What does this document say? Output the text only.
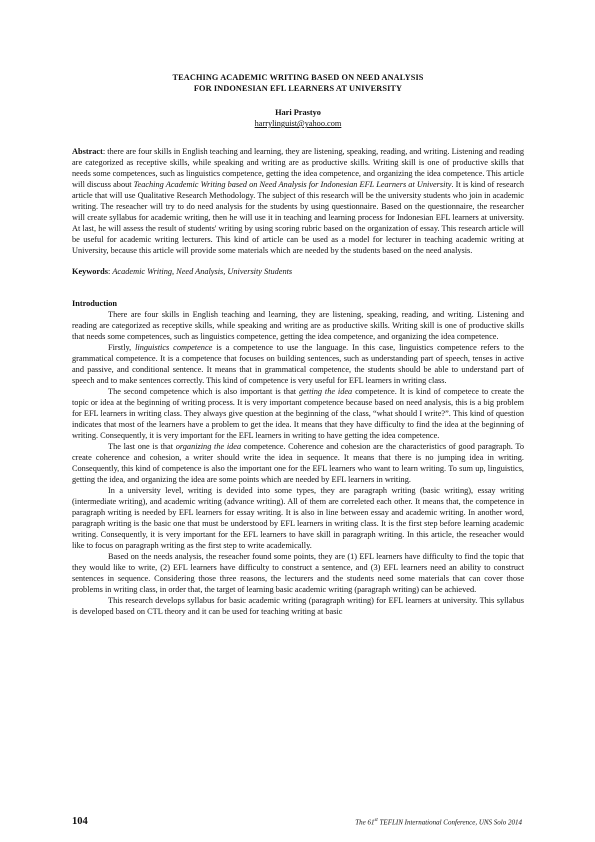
TEACHING ACADEMIC WRITING BASED ON NEED ANALYSIS
FOR INDONESIAN EFL LEARNERS AT UNIVERSITY
Hari Prastyo
harrylinguist@yahoo.com

Abstract: there are four skills in English teaching and learning, they are listening, speaking, reading, and writing. Listening and reading are categorized as receptive skills, while speaking and writing are as productive skills. Writing skill is one of productive skills that needs some competences, such as linguistics competence, getting the idea competence, and organizing the idea competence. This article will discuss about Teaching Academic Writing based on Need Analysis for Indonesian EFL Learners at University. It is kind of research article that will use Qualitative Research Methodology. The subject of this research will be the university students who join in academic writing. The reseacher will try to do need analysis for the students by using questionnaire. Based on the questionnaire, the researcher will create syllabus for academic writing, then he will use it in teaching and learning process for Indonesian EFL learners at university. At last, he will assess the result of students' writing by using scoring rubric based on the organization of essay. This research article will be useful for academic writing lecturers. This kind of article can be used as a model for lecturer in teaching academic writing at University, because this article will provide some materials which are needed by the students based on the need analysis.

Keywords: Academic Writing, Need Analysis, University Students

Introduction

There are four skills in English teaching and learning, they are listening, speaking, reading, and writing. Listening and reading are categorized as receptive skills, while speaking and writing are as productive skills. Writing skill is one of productive skills that needs some competences, such as linguistics competence, getting the idea competence, and organizing the idea competence.

Firstly, linguistics competence is a competence to use the language. In this case, linguistics competence refers to the grammatical competence. It is a competence that focuses on building sentences, such as understanding part of speech, tenses in active and passive, and conditional sentence. It means that in grammatical competence, the students should be able to understand part of speech and to make sentences correctly. This kind of competence is very useful for EFL learners in writing class.

The second competence which is also important is that getting the idea competence. It is kind of competece to create the topic or idea at the beginning of writing process. It is very important competence because based on need analysis, this is a big problem for EFL learners in writing class. They always give question at the beginning of the class, “what should I write?”. This kind of question indicates that most of the learners have a problem to get the idea. It means that they have difficulty to find the idea at the beginning of writing. Consequently, it is very important for the EFL learners in writing to have getting the idea competence.

The last one is that organizing the idea competence. Coherence and cohesion are the characteristics of good paragraph. To create coherence and cohesion, a writer should write the idea in sequence. It means that there is no jumping idea in writing. Consequently, this kind of competence is also the important one for the EFL learners who want to learn writing. To sum up, linguistics, getting the idea, and organizing the idea are some points which are needed by EFL learners in writing.

In a university level, writing is devided into some types, they are paragraph writing (basic writing), essay writing (intermediate writing), and academic writing (advance writing). All of them are correleted each other. It means that, the competence in paragraph writing is needed by EFL learners for essay writing. It is also in line between essay and academic writing. In another word, paragraph writing is the basic one that must be understood by EFL learners in writing class. It is the first step before learning academic writing. Consequently, it is very important for the EFL learners to have skill in paragraph writing. In this article, the reseacher would like to focus on paragraph writing as the first step to write academically.

Based on the needs analysis, the reseacher found some points, they are (1) EFL learners have difficulty to find the topic that they would like to write, (2) EFL learners have difficulty to construct a sentence, and (3) EFL learners need an ability to construct sentences in sequence. Considering those three reasons, the lecturers and the students need some materials that can cover those problems in writing class, in order that, the target of learning basic academic writing (paragraph writing) can be achieved.

This research develops syllabus for basic academic writing (paragraph writing) for EFL learners at university. This syllabus is developed based on CTL theory and it can be used for teaching writing at basic

104	The 61st TEFLIN International Conference, UNS Solo 2014
